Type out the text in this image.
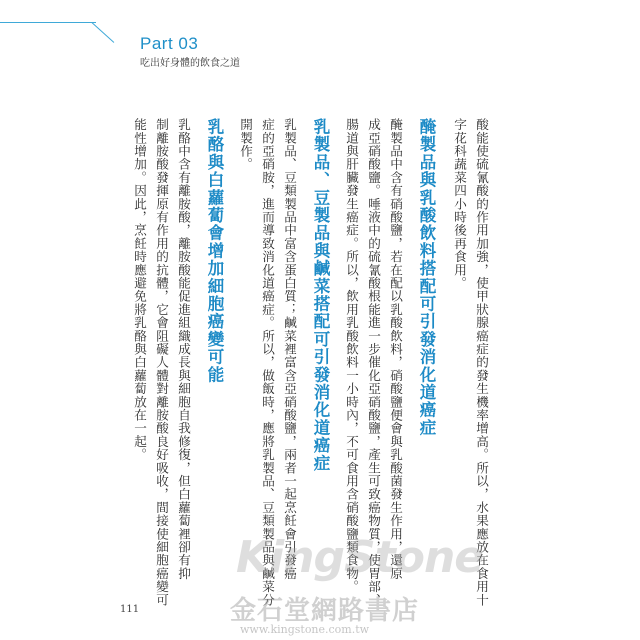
Part 03
吃出好身體的飲食之道
酸能使硫氰酸的作用加強，使甲狀腺癌症的發生機率增高。所以，水果應放在食用十
字花科蔬菜四小時後再食用。
醃製品與乳酸飲料搭配可引發消化道癌症
醃製品中含有硝酸鹽，若在配以乳酸飲料，硝酸鹽便會與乳酸菌發生作用，還原
成亞硝酸鹽。唾液中的硫氰酸根能進一步催化亞硝酸鹽，產生可致癌物質，使胃部、
腸道與肝臟發生癌症。所以，飲用乳酸飲料一小時內，不可食用含硝酸鹽類食物。
乳製品、豆製品與鹹菜搭配可引發消化道癌症
乳製品、豆類製品中富含蛋白質；鹹菜裡富含亞硝酸鹽，兩者一起烹飪會引發癌
症的亞硝胺，進而導致消化道癌症。所以，做飯時，應將乳製品、豆類製品與鹹菜分
開製作。
乳酪與白蘿蔔會增加細胞癌變可能
乳酪中含有離胺酸，離胺酸能促進組織成長與細胞自我修復，但白蘿蔔裡卻有抑
制離胺酸發揮原有作用的抗體，它會阻礙人體對離胺酸良好吸收，間接使細胞癌變可
能性增加。因此，烹飪時應避免將乳酪與白蘿蔔放在一起。
111
KingStone
金石堂網路書店
www.kingstone.com.tw
